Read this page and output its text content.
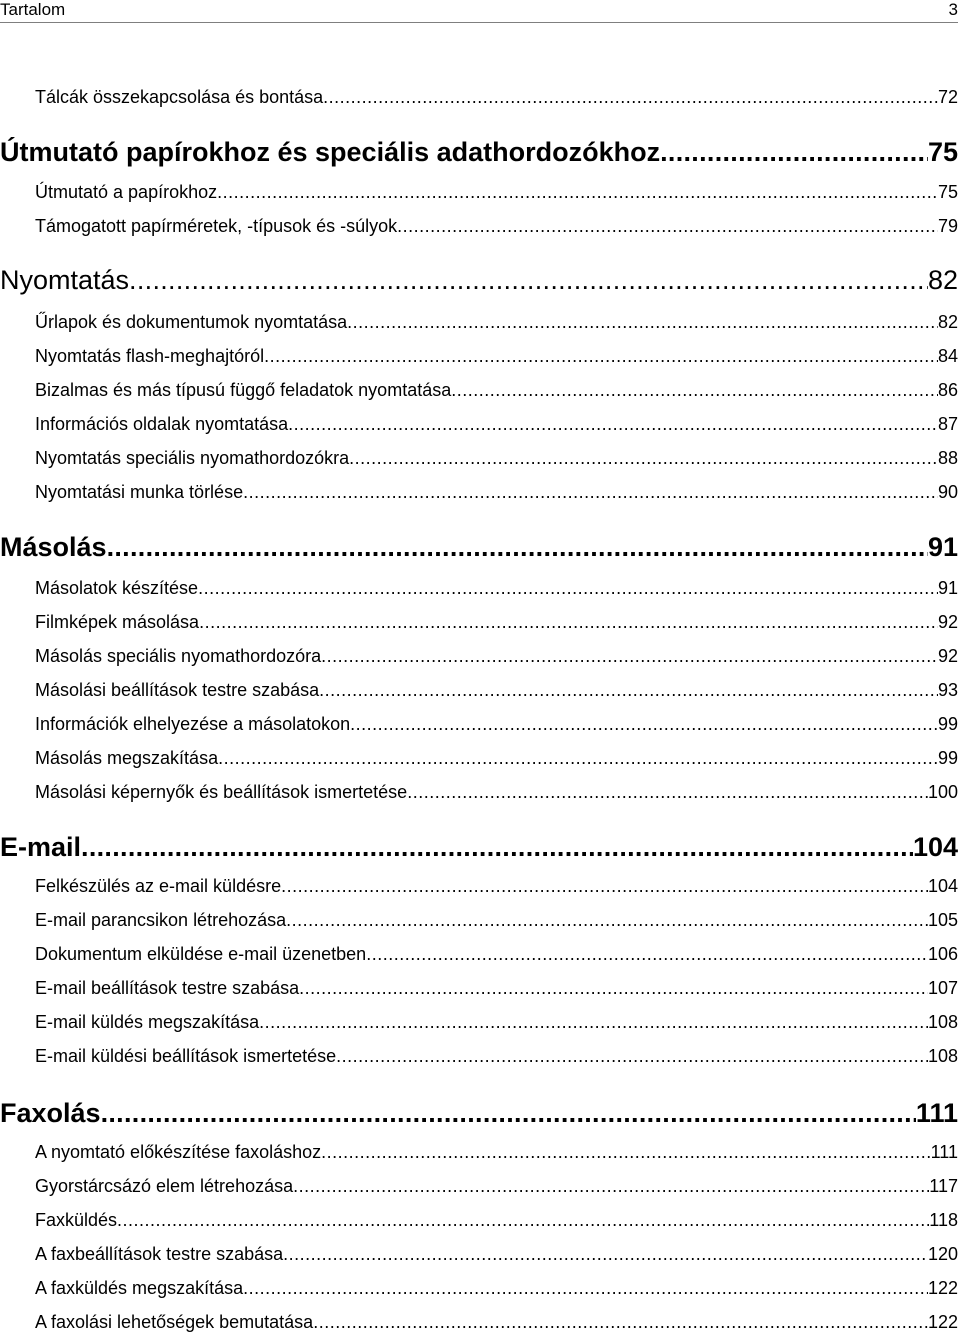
Tartalom	3
Tálcák összekapcsolása és bontása .....	72
Útmutató papírokhoz és speciális adathordozókhoz .....	75
Útmutató a papírokhoz .....	75
Támogatott papírméretek, -típusok és -súlyok .....	79
Nyomtatás .....	82
Űrlapok és dokumentumok nyomtatása .....	82
Nyomtatás flash-meghajtóról .....	84
Bizalmas és más típusú függő feladatok nyomtatása .....	86
Információs oldalak nyomtatása .....	87
Nyomtatás speciális nyomathordozókra .....	88
Nyomtatási munka törlése .....	90
Másolás .....	91
Másolatok készítése .....	91
Filmképek másolása .....	92
Másolás speciális nyomathordozóra .....	92
Másolási beállítások testre szabása .....	93
Információk elhelyezése a másolatokon .....	99
Másolás megszakítása .....	99
Másolási képernyők és beállítások ismertetése .....	100
E-mail .....	104
Felkészülés az e-mail küldésre .....	104
E-mail parancsikon létrehozása .....	105
Dokumentum elküldése e-mail üzenetben .....	106
E-mail beállítások testre szabása .....	107
E-mail küldés megszakítása .....	108
E-mail küldési beállítások ismertetése .....	108
Faxolás .....	111
A nyomtató előkészítése faxoláshoz .....	111
Gyorstárcsázó elem létrehozása .....	117
Faxküldés .....	118
A faxbeállítások testre szabása .....	120
A faxküldés megszakítása .....	122
A faxolási lehetőségek bemutatása .....	122
